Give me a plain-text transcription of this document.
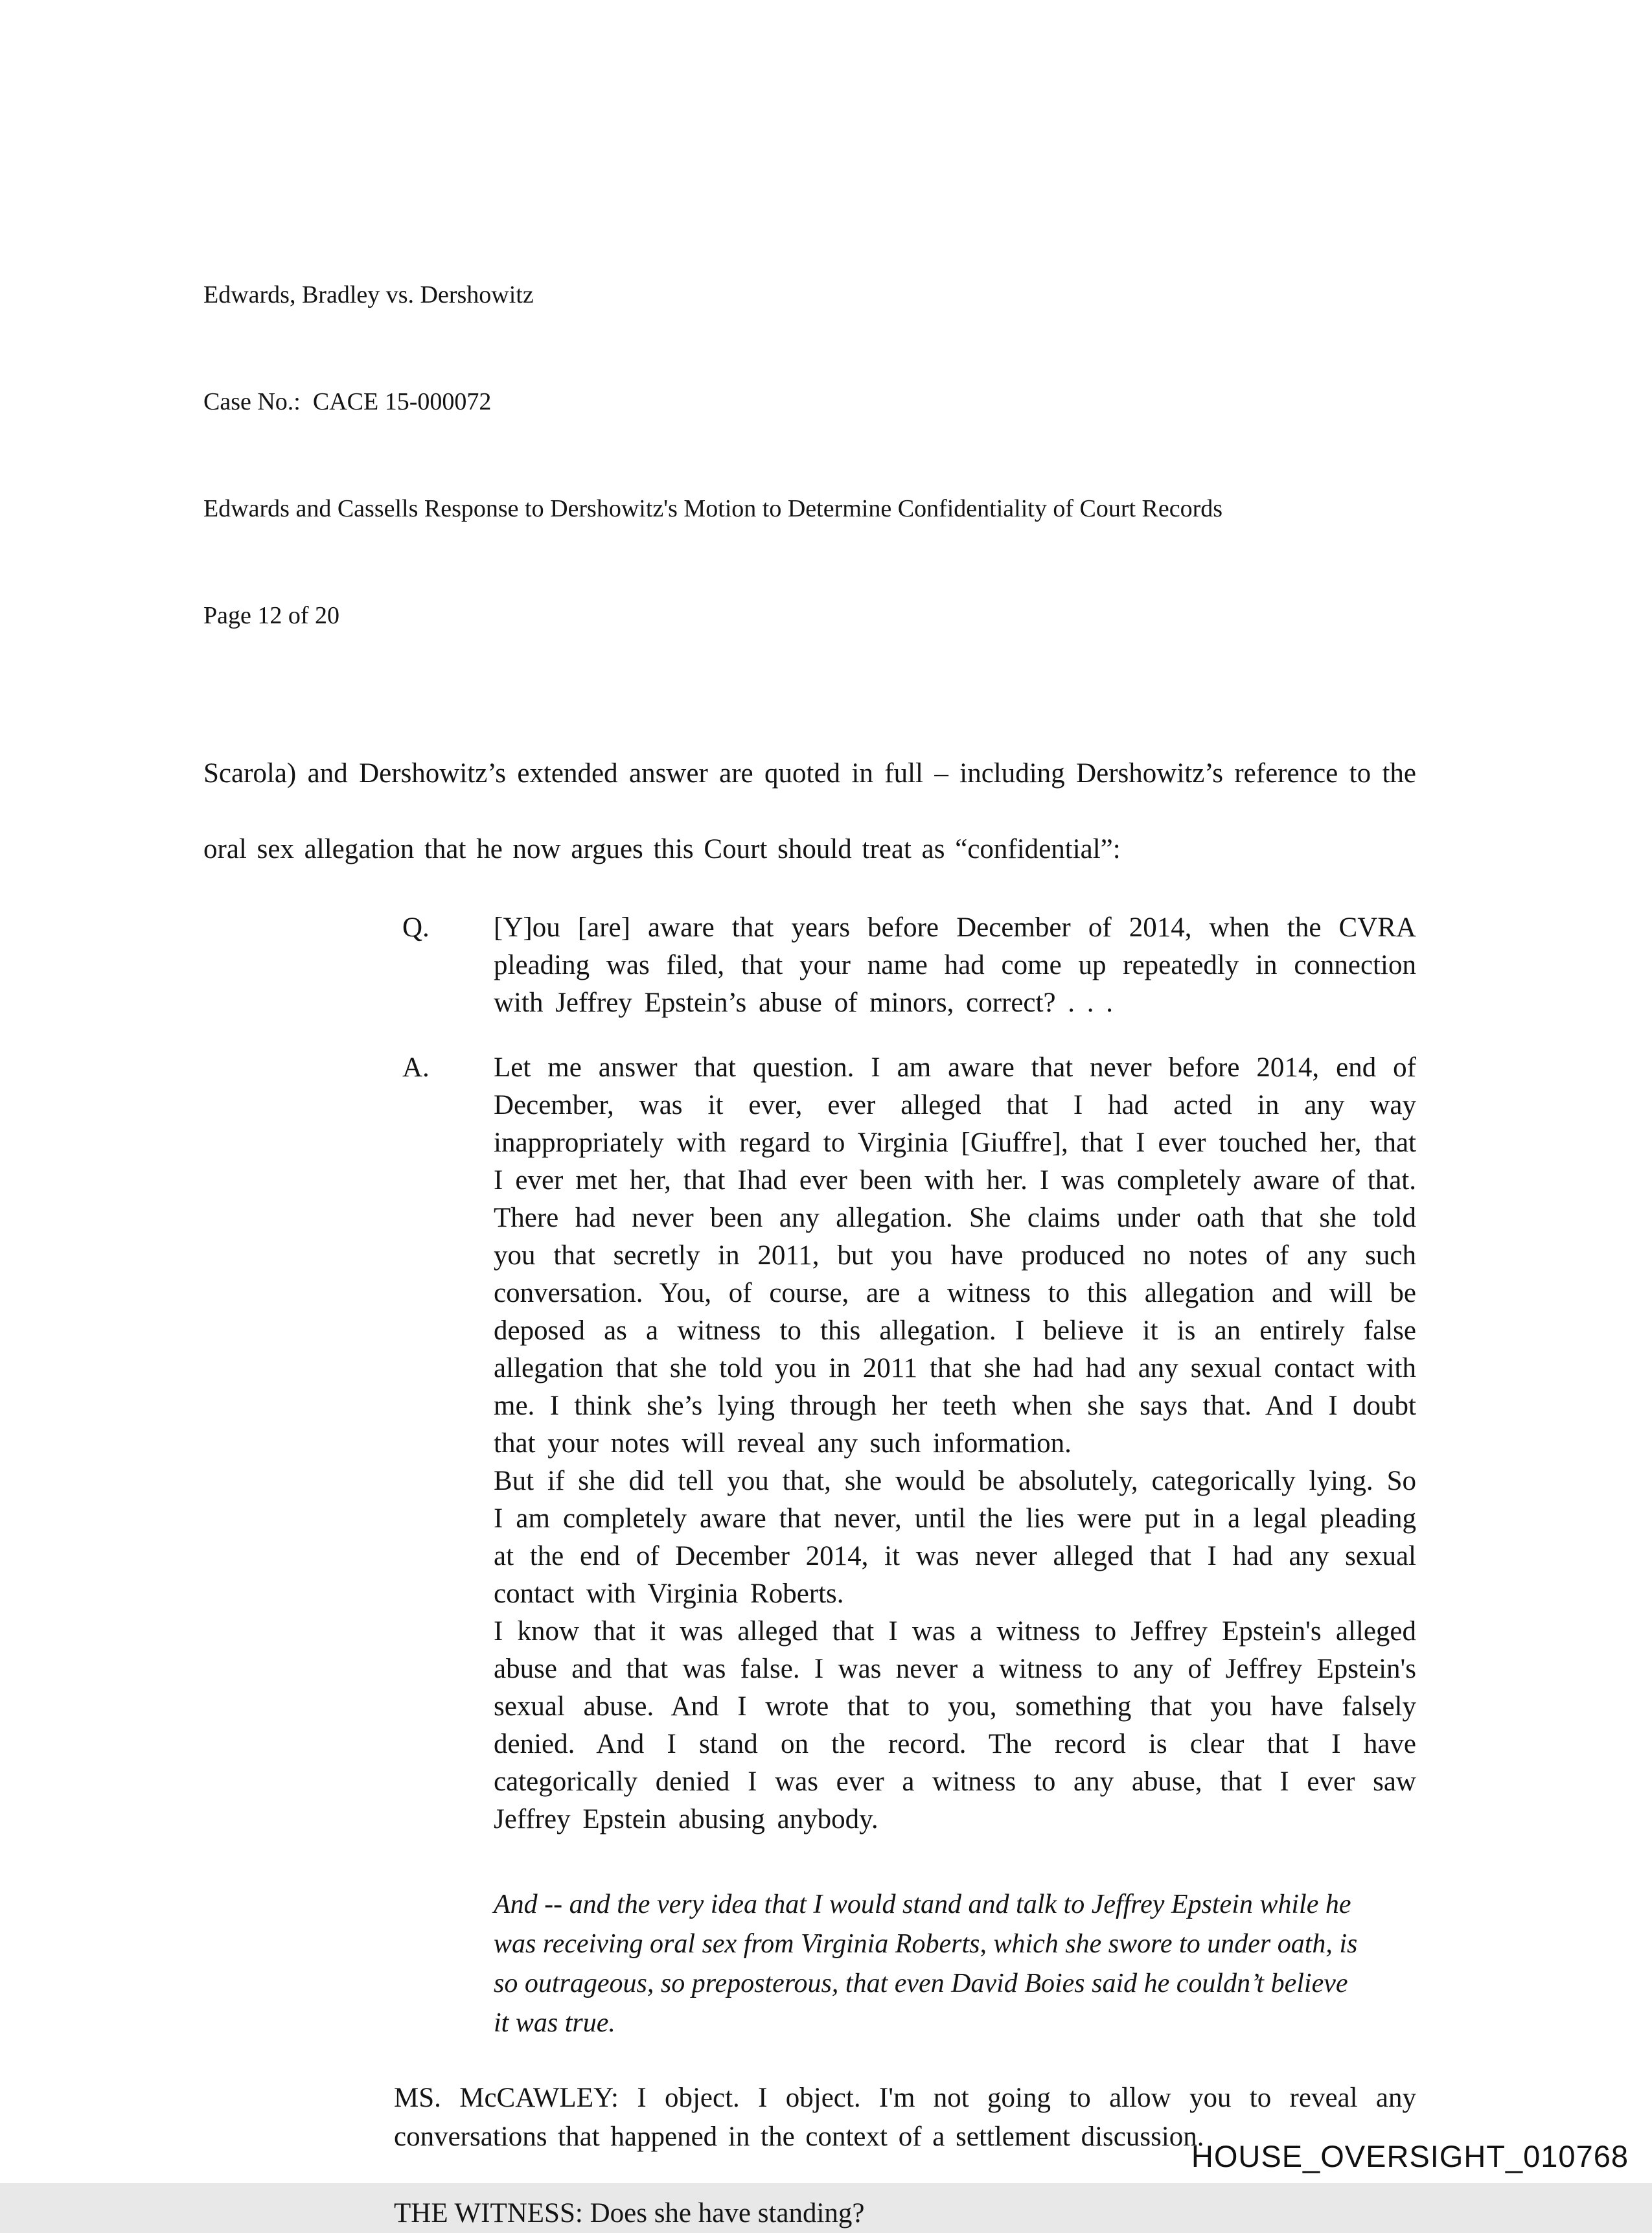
Edwards, Bradley vs. Dershowitz

Case No.:  CACE 15-000072

Edwards and Cassells Response to Dershowitz's Motion to Determine Confidentiality of Court Records

Page 12 of 20

Scarola) and Dershowitz’s extended answer are quoted in full – including Dershowitz’s reference to the oral sex allegation that he now argues this Court should treat as “confidential”:

Q.	[Y]ou [are] aware that years before December of 2014, when the CVRA pleading was filed, that your name had come up repeatedly in connection with Jeffrey Epstein’s abuse of minors, correct? . . .
A.	Let me answer that question. I am aware that never before 2014, end of December, was it ever, ever alleged that I had acted in any way inappropriately with regard to Virginia [Giuffre], that I ever touched her, that I ever met her, that Ihad ever been with her. I was completely aware of that. There had never been any allegation. She claims under oath that she told you that secretly in 2011, but you have produced no notes of any such conversation. You, of course, are a witness to this allegation and will be deposed as a witness to this allegation. I believe it is an entirely false allegation that she told you in 2011 that she had had any sexual contact with me. I think she’s lying through her teeth when she says that. And I doubt that your notes will reveal any such information.

But if she did tell you that, she would be absolutely, categorically lying. So I am completely aware that never, until the lies were put in a legal pleading at the end of December 2014, it was never alleged that I had any sexual contact with Virginia Roberts.

I know that it was alleged that I was a witness to Jeffrey Epstein's alleged abuse and that was false. I was never a witness to any of Jeffrey Epstein's sexual abuse. And I wrote that to you, something that you have falsely denied. And I stand on the record. The record is clear that I have categorically denied I was ever a witness to any abuse, that I ever saw Jeffrey Epstein abusing anybody.

And -- and the very idea that I would stand and talk to Jeffrey Epstein while he was receiving oral sex from Virginia Roberts, which she swore to under oath, is so outrageous, so preposterous, that even David Boies said he couldn’t believe it was true.

MS. McCAWLEY: I object. I object. I'm not going to allow you to reveal any conversations that happened in the context of a settlement discussion.

THE WITNESS: Does she have standing?

HOUSE_OVERSIGHT_010768
